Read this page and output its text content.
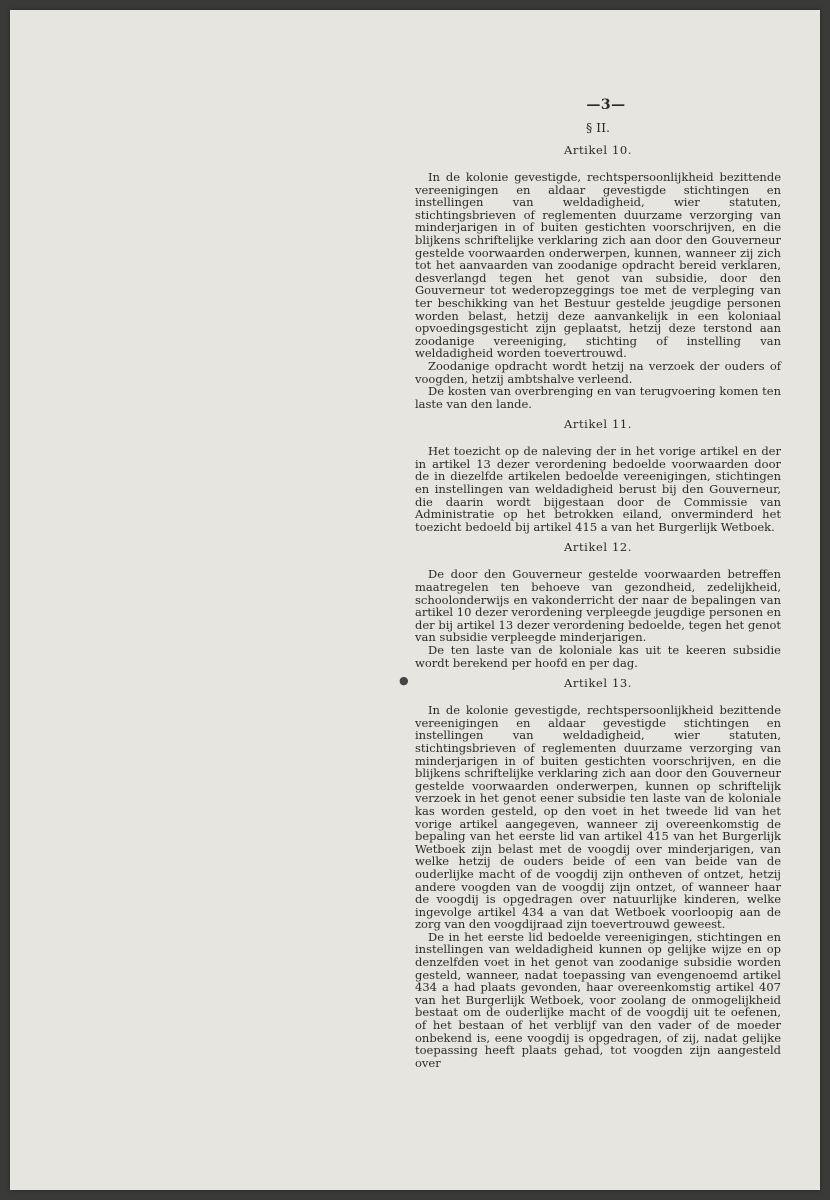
—3—
§ II.
Artikel 10.

In de kolonie gevestigde, rechtspersoonlijkheid bezittende vereenigingen en aldaar gevestigde stichtingen en instellingen van weldadigheid, wier statuten, stichtingsbrieven of reglementen duurzame verzorging van minderjarigen in of buiten gestichten voorschrijven, en die blijkens schriftelijke verklaring zich aan door den Gouverneur gestelde voorwaarden onderwerpen, kunnen, wanneer zij zich tot het aanvaarden van zoodanige opdracht bereid verklaren, desverlangd tegen het genot van subsidie, door den Gouverneur tot wederopzeggings toe met de verpleging van ter beschikking van het Bestuur gestelde jeugdige personen worden belast, hetzij deze aanvankelijk in een koloniaal opvoedingsgesticht zijn geplaatst, hetzij deze terstond aan zoodanige vereeniging, stichting of instelling van weldadigheid worden toevertrouwd.

Zoodanige opdracht wordt hetzij na verzoek der ouders of voogden, hetzij ambtshalve verleend.

De kosten van overbrenging en van terugvoering komen ten laste van den lande.

Artikel 11.

Het toezicht op de naleving der in het vorige artikel en der in artikel 13 dezer verordening bedoelde voorwaarden door de in diezelfde artikelen bedoelde vereenigingen, stichtingen en instellingen van weldadigheid berust bij den Gouverneur, die daarin wordt bijgestaan door de Commissie van Administratie op het betrokken eiland, onverminderd het toezicht bedoeld bij artikel 415 a van het Burgerlijk Wetboek.

Artikel 12.

De door den Gouverneur gestelde voorwaarden betreffen maatregelen ten behoeve van gezondheid, zedelijkheid, schoolonderwijs en vakonderricht der naar de bepalingen van artikel 10 dezer verordening verpleegde jeugdige personen en der bij artikel 13 dezer verordening bedoelde, tegen het genot van subsidie verpleegde minderjarigen.

De ten laste van de koloniale kas uit te keeren subsidie wordt berekend per hoofd en per dag.

Artikel 13.

In de kolonie gevestigde, rechtspersoonlijkheid bezittende vereenigingen en aldaar gevestigde stichtingen en instellingen van weldadigheid, wier statuten, stichtingsbrieven of reglementen duurzame verzorging van minderjarigen in of buiten gestichten voorschrijven, en die blijkens schriftelijke verklaring zich aan door den Gouverneur gestelde voorwaarden onderwerpen, kunnen op schriftelijk verzoek in het genot eener subsidie ten laste van de koloniale kas worden gesteld, op den voet in het tweede lid van het vorige artikel aangegeven, wanneer zij overeenkomstig de bepaling van het eerste lid van artikel 415 van het Burgerlijk Wetboek zijn belast met de voogdij over minderjarigen, van welke hetzij de ouders beide of een van beide van de ouderlijke macht of de voogdij zijn ontheven of ontzet, hetzij andere voogden van de voogdij zijn ontzet, of wanneer haar de voogdij is opgedragen over natuurlijke kinderen, welke ingevolge artikel 434 a van dat Wetboek voorloopig aan de zorg van den voogdijraad zijn toevertrouwd geweest.

De in het eerste lid bedoelde vereenigingen, stichtingen en instellingen van weldadigheid kunnen op gelijke wijze en op denzelfden voet in het genot van zoodanige subsidie worden gesteld, wanneer, nadat toepassing van evengenoemd artikel 434 a had plaats gevonden, haar overeenkomstig artikel 407 van het Burgerlijk Wetboek, voor zoolang de onmogelijkheid bestaat om de ouderlijke macht of de voogdij uit te oefenen, of het bestaan of het verblijf van den vader of de moeder onbekend is, eene voogdij is opgedragen, of zij, nadat gelijke toepassing heeft plaats gehad, tot voogden zijn aangesteld over

●
